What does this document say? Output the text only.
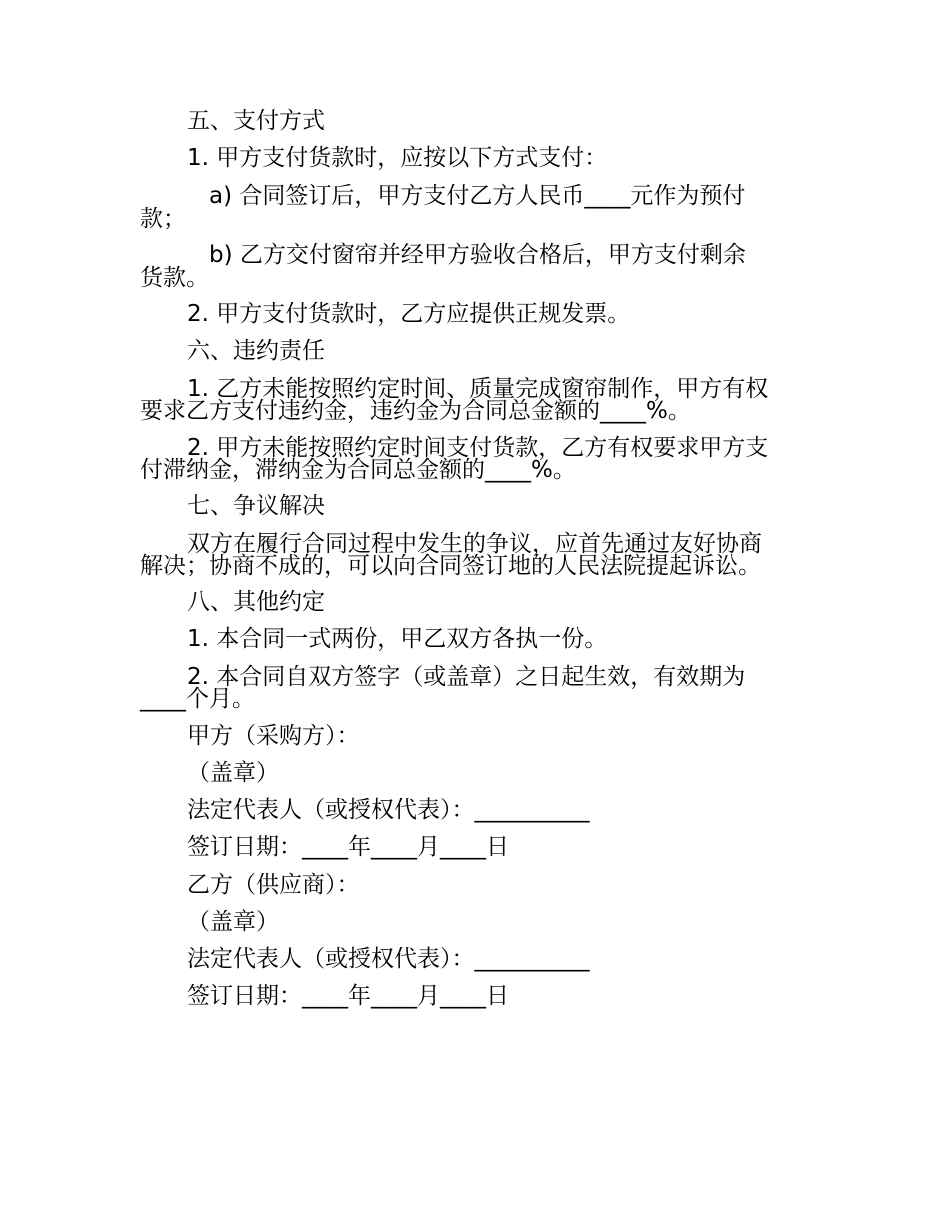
五、支付方式
1. 甲方支付货款时，应按以下方式支付：
a) 合同签订后，甲方支付乙方人民币____元作为预付
款；
b) 乙方交付窗帘并经甲方验收合格后，甲方支付剩余
货款。
2. 甲方支付货款时，乙方应提供正规发票。
六、违约责任
1. 乙方未能按照约定时间、质量完成窗帘制作，甲方有权
要求乙方支付违约金，违约金为合同总金额的____%。
2. 甲方未能按照约定时间支付货款，乙方有权要求甲方支
付滞纳金，滞纳金为合同总金额的____%。
七、争议解决
双方在履行合同过程中发生的争议，应首先通过友好协商
解决；协商不成的，可以向合同签订地的人民法院提起诉讼。
八、其他约定
1. 本合同一式两份，甲乙双方各执一份。
2. 本合同自双方签字（或盖章）之日起生效，有效期为
____个月。
甲方（采购方）：
（盖章）
法定代表人（或授权代表）：__________
签订日期：____年____月____日
乙方（供应商）：
（盖章）
法定代表人（或授权代表）：__________
签订日期：____年____月____日
